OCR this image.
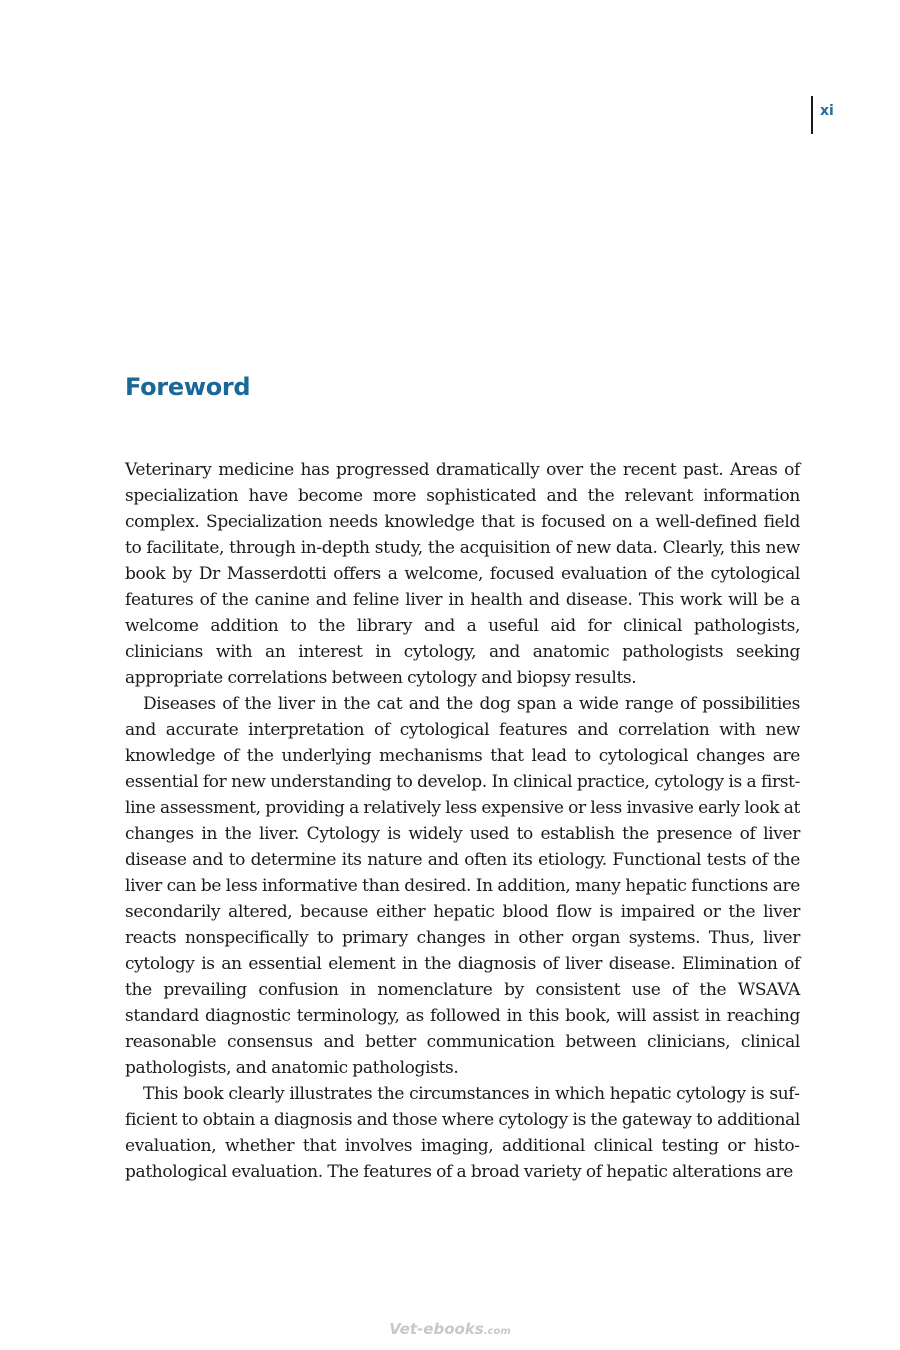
xi
Foreword

Veterinary medicine has progressed dramatically over the recent past. Areas of specialization have become more sophisticated and the relevant information complex. Specialization needs knowledge that is focused on a well-defined field to facilitate, through in-depth study, the acquisition of new data. Clearly, this new book by Dr Masserdotti offers a welcome, focused evaluation of the cytological features of the canine and feline liver in health and disease. This work will be a welcome addition to the library and a useful aid for clinical pathologists, clinicians with an interest in cytology, and anatomic pathologists seeking appropriate correlations between cytology and biopsy results.

Diseases of the liver in the cat and the dog span a wide range of possibilities and accurate interpretation of cytological features and correlation with new knowledge of the underlying mechanisms that lead to cytological changes are essential for new understanding to develop. In clinical practice, cytology is a first-line assessment, providing a relatively less expensive or less invasive early look at changes in the liver. Cytology is widely used to establish the presence of liver disease and to determine its nature and often its etiology. Functional tests of the liver can be less informative than desired. In addition, many hepatic functions are secondarily altered, because either hepatic blood flow is impaired or the liver reacts nonspecifically to primary changes in other organ systems. Thus, liver cytology is an essential element in the diagnosis of liver disease. Elimination of the prevailing confusion in nomenclature by consistent use of the WSAVA standard diagnostic terminology, as followed in this book, will assist in reaching reasonable consensus and better communication between clinicians, clinical pathologists, and anatomic pathologists.

This book clearly illustrates the circumstances in which hepatic cytology is sufficient to obtain a diagnosis and those where cytology is the gateway to additional evaluation, whether that involves imaging, additional clinical testing or histopathological evaluation. The features of a broad variety of hepatic alterations are

Vet-ebooks.com
